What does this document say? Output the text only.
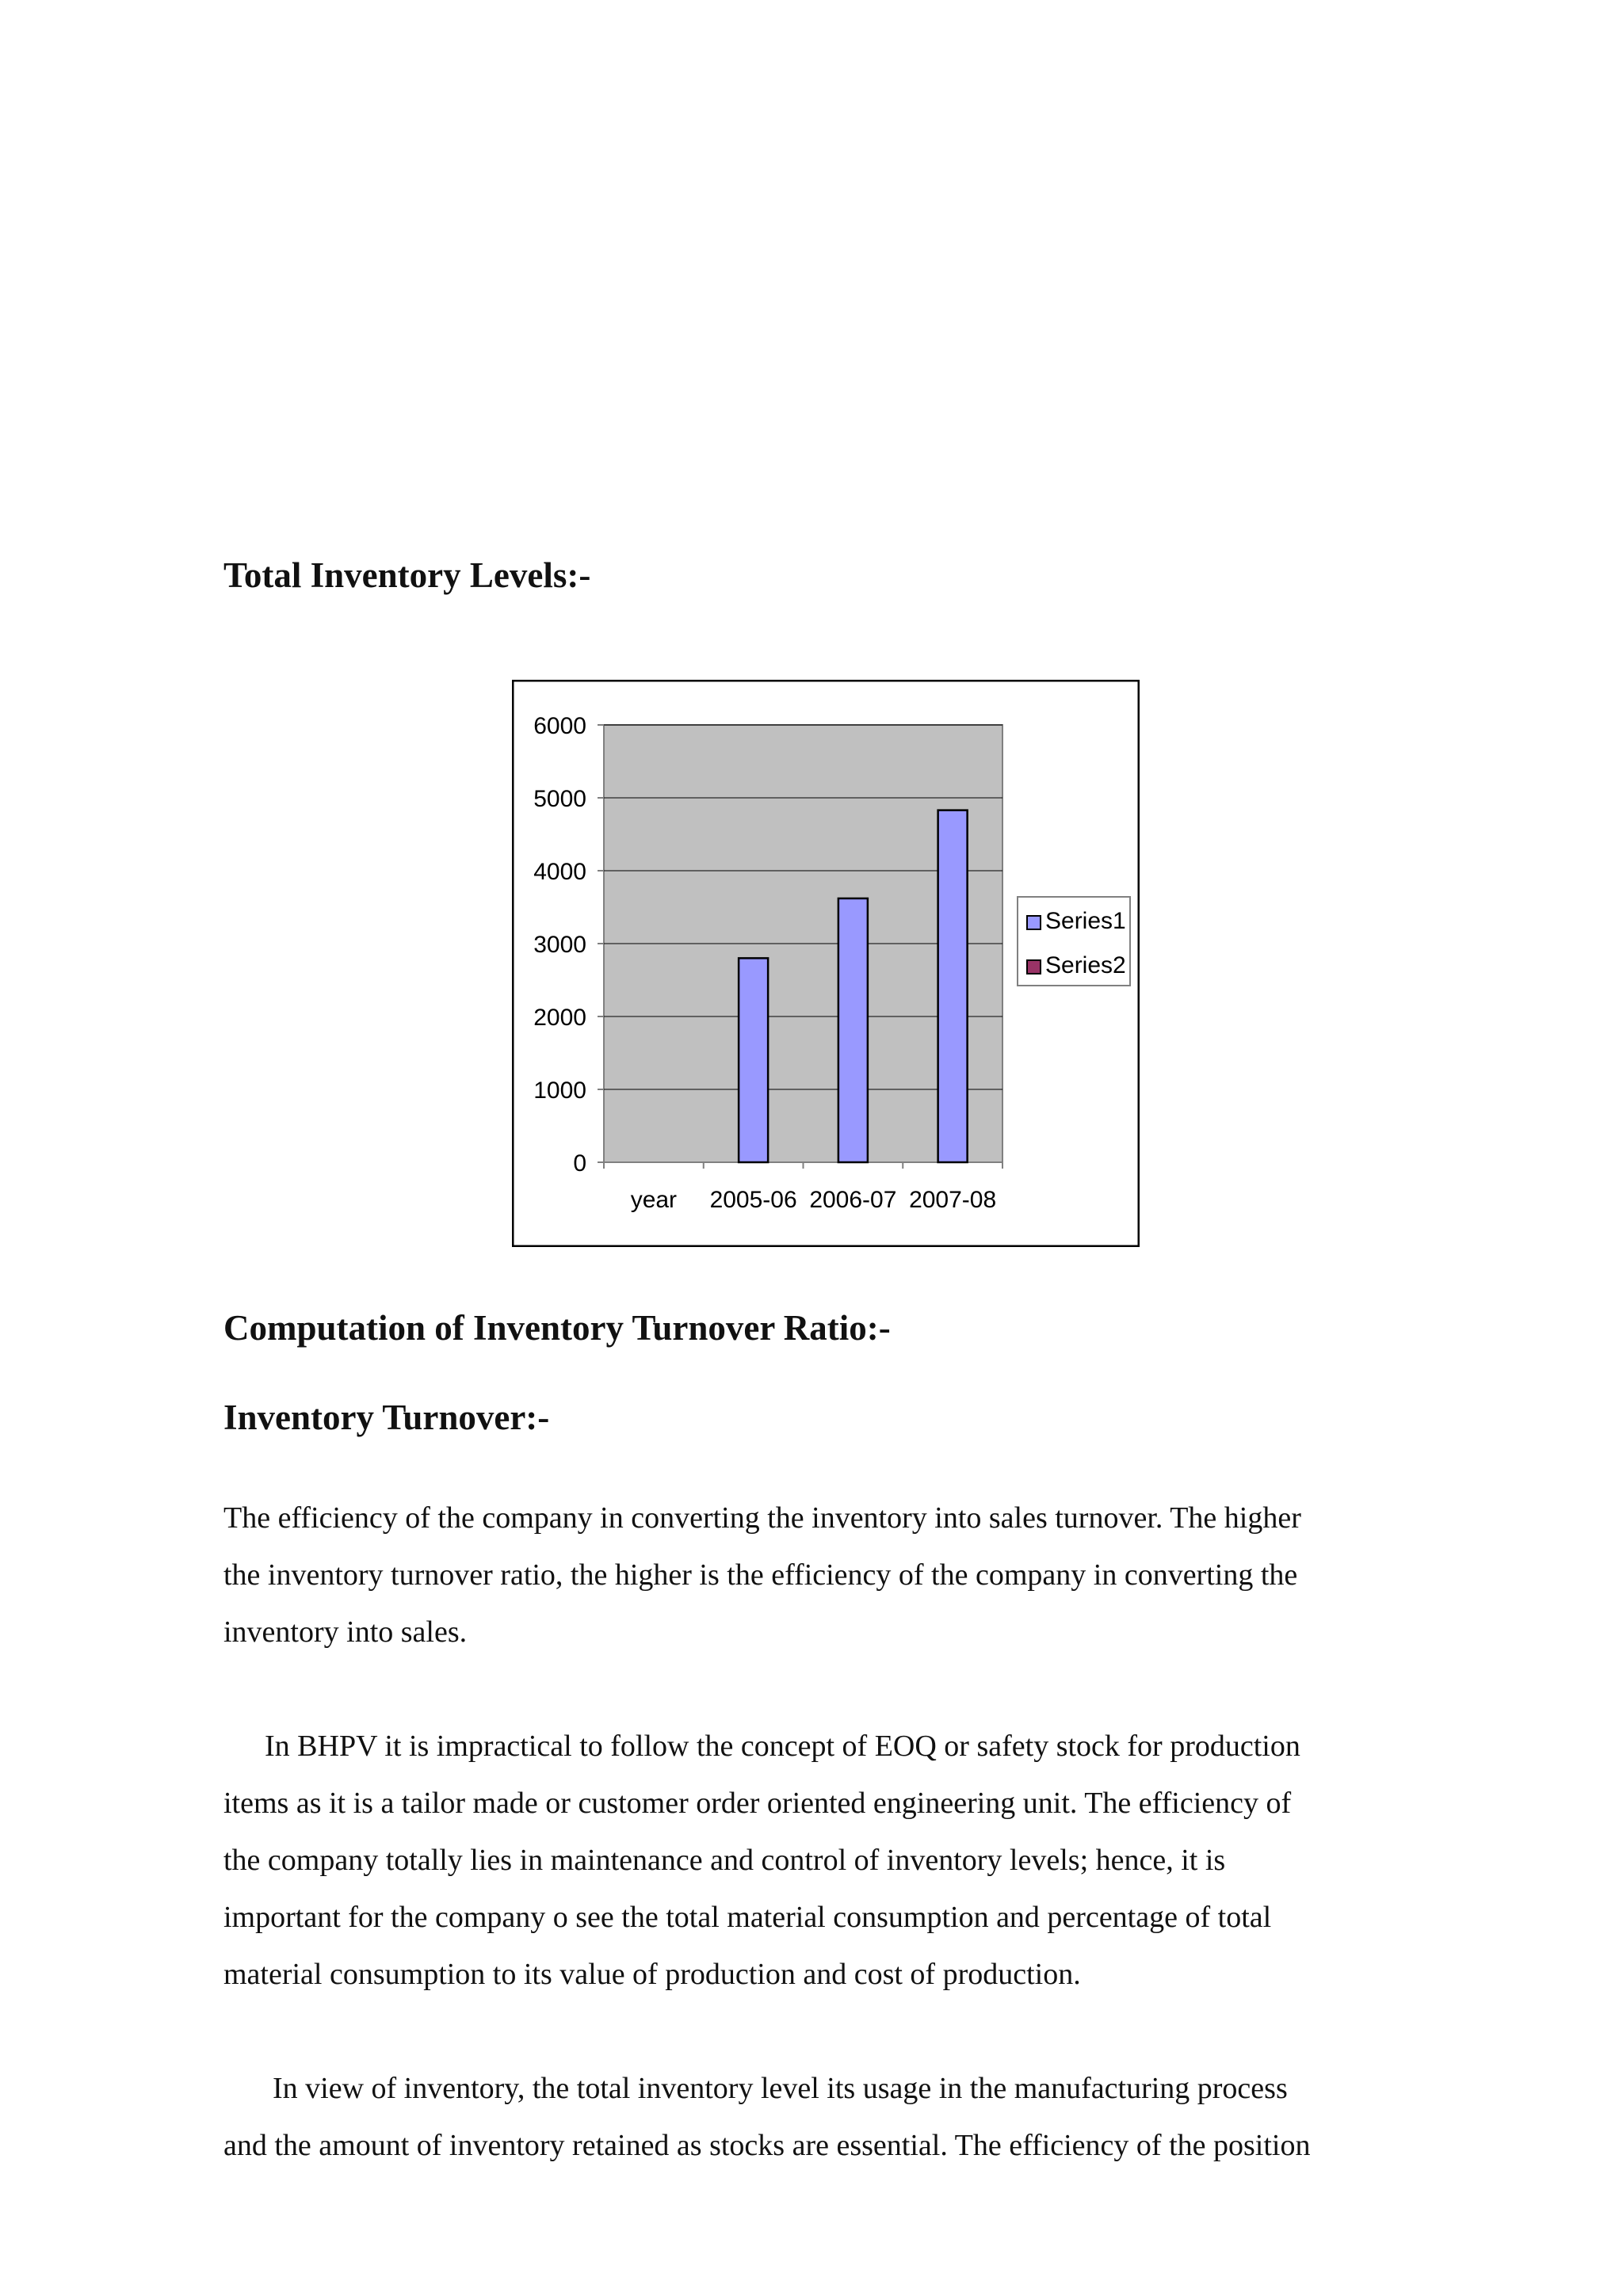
Total Inventory Levels:-
0
1000
2000
3000
4000
5000
6000
year 2005-06 2006-07 2007-08
Series1
Series2
Computation of Inventory Turnover Ratio:-
Inventory Turnover:-
The efficiency of the company in converting the inventory into sales turnover. The higher
the inventory turnover ratio, the higher is the efficiency of the company in converting the
inventory into sales.
In BHPV it is impractical to follow the concept of EOQ or safety stock for production
items as it is a tailor made or customer order oriented engineering unit. The efficiency of
the company totally lies in maintenance and control of inventory levels; hence, it is
important for the company o see the total material consumption and percentage of total
material consumption to its value of production and cost of production.
In view of inventory, the total inventory level its usage in the manufacturing process
and the amount of inventory retained as stocks are essential. The efficiency of the position
